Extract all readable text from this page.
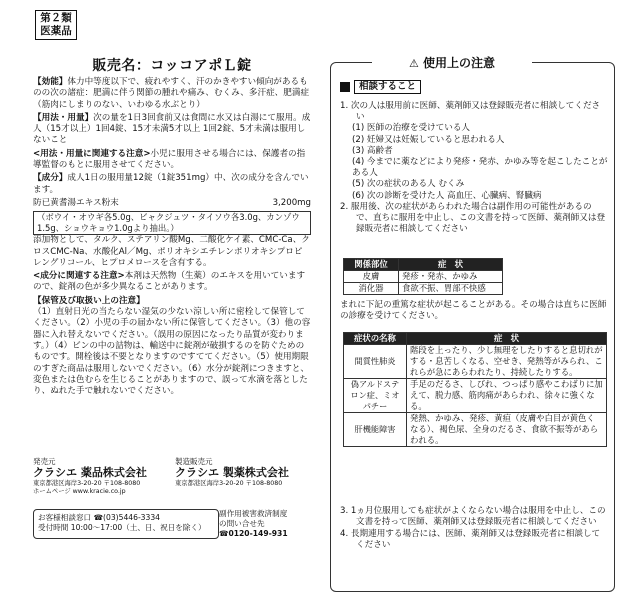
第２類
医薬品
販売名：コッコアポＬ錠

【効能】体力中等度以下で、疲れやすく、汗のかきやすい傾向があるものの次の諸症：肥満に伴う関節の腫れや痛み、むくみ、多汗症、肥満症（筋肉にしまりのない、いわゆる水ぶとり）

【用法・用量】次の量を1日3回食前又は食間に水又は白湯にて服用。成人（15才以上）1回4錠、15才未満5才以上 1回2錠、5才未満は服用しないこと

<用法・用量に関連する注意>小児に服用させる場合には、保護者の指導監督のもとに服用させてください。

【成分】成人1日の服用量12錠（1錠351mg）中、次の成分を含んでいます。

防已黄耆湯エキス粉末	3,200mg
（ボウイ・オウギ各5.0g、ビャクジュツ・タイソウ各3.0g、カンゾウ1.5g、ショウキョウ1.0gより抽出。）

添加物として、タルク、ステアリン酸Mg、二酸化ケイ素、CMC-Ca、クロスCMC-Na、水酸化Al／Mg、ポリオキシエチレンポリオキシプロピレングリコール、ヒプロメロースを含有する。

<成分に関連する注意>本剤は天然物（生薬）のエキスを用いていますので、錠剤の色が多少異なることがあります。

【保管及び取扱い上の注意】
（1）直射日光の当たらない湿気の少ない涼しい所に密栓して保管してください。（2）小児の手の届かない所に保管してください。（3）他の容器に入れ替えないでください。（誤用の原因になったり品質が変わります。）（4）ビンの中の詰物は、輸送中に錠剤が破損するのを防ぐためのものです。開栓後は不要となりますのですててください。（5）使用期限のすぎた商品は服用しないでください。（6）水分が錠剤につきますと、変色または色むらを生じることがありますので、誤って水滴を落としたり、ぬれた手で触れないでください。

発売元
クラシエ 薬品株式会社
東京都港区海岸3-20-20 〒108-8080
ホームページ www.kracie.co.jp
製造販売元
クラシエ 製薬株式会社
東京都港区海岸3-20-20 〒108-8080
お客様相談窓口 ☎(03)5446-3334
受付時間 10:00〜17:00（土、日、祝日を除く）
副作用被害救済制度
の問い合せ先
☎0120-149-931
⚠ 使用上の注意
相談すること

1. 次の人は服用前に医師、薬剤師又は登録販売者に相談してください

(1) 医師の治療を受けている人

(2) 妊婦又は妊娠していると思われる人

(3) 高齢者

(4) 今までに薬などにより発疹・発赤、かゆみ等を起こしたことがある人

(5) 次の症状のある人 むくみ

(6) 次の診断を受けた人 高血圧、心臓病、腎臓病

2. 服用後、次の症状があらわれた場合は副作用の可能性があるので、直ちに服用を中止し、この文書を持って医師、薬剤師又は登録販売者に相談してください

関係部位	症　状
皮膚	発疹・発赤、かゆみ
消化器	食欲不振、胃部不快感

まれに下記の重篤な症状が起こることがある。その場合は直ちに医師の診療を受けてください。

症状の名称	症　状
間質性肺炎	階段を上ったり、少し無理をしたりすると息切れがする・息苦しくなる、空せき、発熱等がみられ、これらが急にあらわれたり、持続したりする。
偽アルドステロン症、ミオパチー	手足のだるさ、しびれ、つっぱり感やこわばりに加えて、脱力感、筋肉痛があらわれ、徐々に強くなる。
肝機能障害	発熱、かゆみ、発疹、黄疸（皮膚や白目が黄色くなる）、褐色尿、全身のだるさ、食欲不振等があらわれる。

3. 1ヵ月位服用しても症状がよくならない場合は服用を中止し、この文書を持って医師、薬剤師又は登録販売者に相談してください

4. 長期連用する場合には、医師、薬剤師又は登録販売者に相談してください
